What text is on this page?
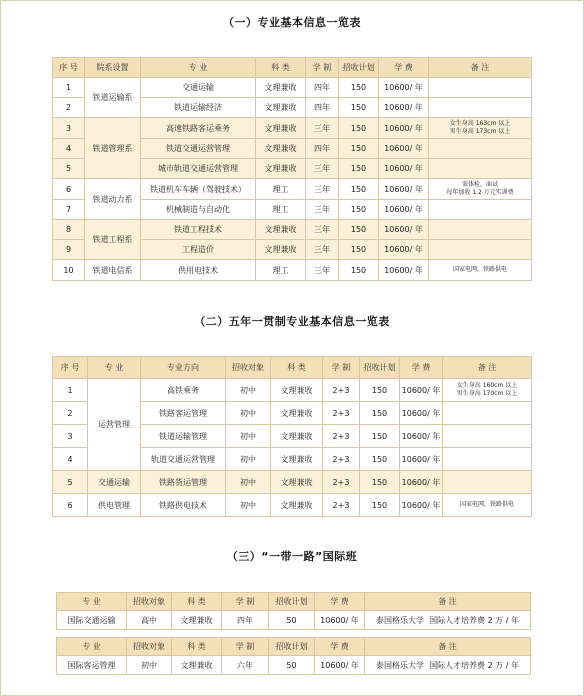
（一）专业基本信息一览表
序 号	院系设置	专 业	科 类	学 制	招收计划	学 费	备 注
1	铁道运输系	交通运输	文理兼收	四年	150	10600/ 年	
2		铁道运输经济	文理兼收	四年	150	10600/ 年	
3	铁道管理系	高速铁路客运乘务	文理兼收	三年	150	10600/ 年	女生身高 163cm 以上
男生身高 173cm 以上

4		铁道交通运营管理	文理兼收	四年	150	10600/ 年	
5		城市轨道交通运营管理	文理兼收	三年	150	10600/ 年	
6	铁道动力系	铁道机车车辆（驾驶技术）	理工	三年	150	10600/ 年	需体检，面试
每年加收 1.2 万元实训费

7		机械制造与自动化	理工	三年	150	10600/ 年	
8	铁道工程系	铁道工程技术	文理兼收	三年	150	10600/ 年	
9		工程造价	文理兼收	三年	150	10600/ 年	
10	铁道电信系	供用电技术	理工	三年	150	10600/ 年	国家电网，铁路供电
（二）五年一贯制专业基本信息一览表
序 号	专 业	专业方向	招收对象	科 类	学 制	招收计划	学 费	备 注
1	运营管理	高铁乘务	初中	文理兼收	2+3	150	10600/ 年	女生身高 160cm 以上
男生身高 170cm 以上

2		铁路客运管理	初中	文理兼收	2+3	150	10600/ 年	
3		铁道运输管理	初中	文理兼收	2+3	150	10600/ 年	
4		轨道交通运营管理	初中	文理兼收	2+3	150	10600/ 年	
5	交通运输	铁路货运管理	初中	文理兼收	2+3	150	10600/ 年	
6	供电管理	铁路供电技术	初中	文理兼收	2+3	150	10600/ 年	国家电网，铁路供电
（三）“一带一路”国际班
专 业	招收对象	科 类	学 制	招收计划	学 费	备 注
国际交通运输	高中	文理兼收	四年	50	10600/ 年	泰国格乐大学 国际人才培养费 2 万 / 年
专 业	招收对象	科 类	学 制	招收计划	学 费	备 注
国际客运管理	初中	文理兼收	六年	50	10600/ 年	泰国格乐大学 国际人才培养费 2 万 / 年
